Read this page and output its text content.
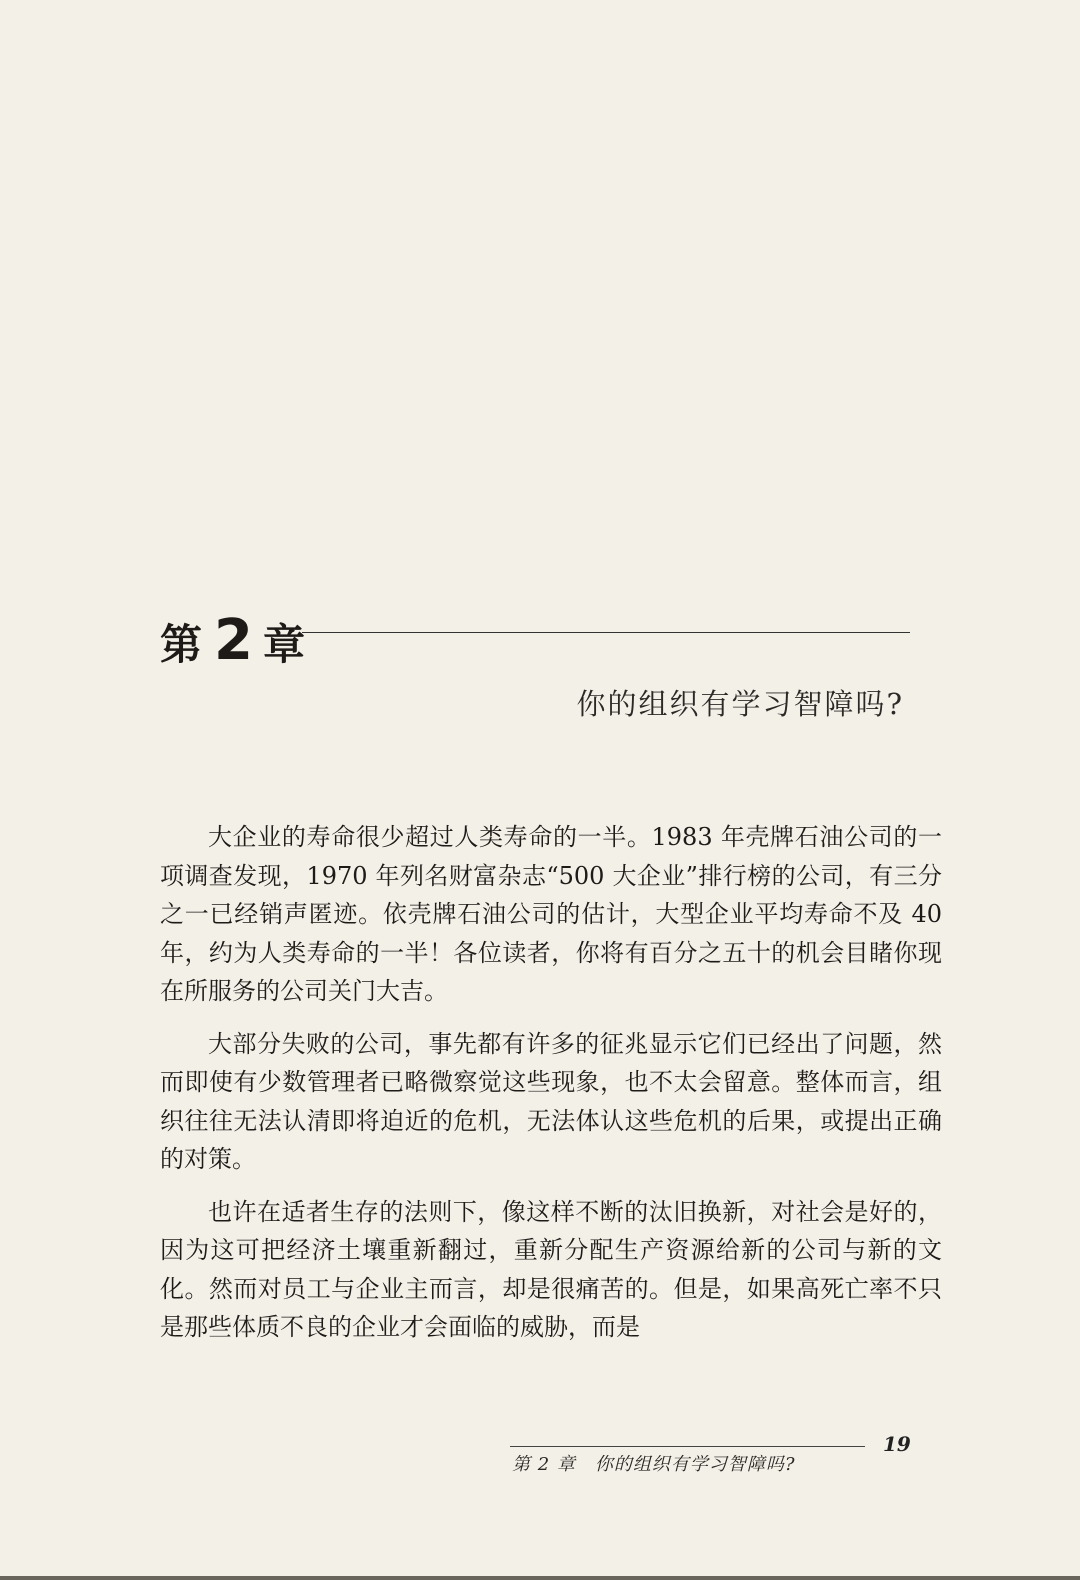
第 2 章
你的组织有学习智障吗?

大企业的寿命很少超过人类寿命的一半。1983 年壳牌石油公司的一项调查发现，1970 年列名财富杂志“500 大企业”排行榜的公司，有三分之一已经销声匿迹。依壳牌石油公司的估计，大型企业平均寿命不及 40 年，约为人类寿命的一半！各位读者，你将有百分之五十的机会目睹你现在所服务的公司关门大吉。

大部分失败的公司，事先都有许多的征兆显示它们已经出了问题，然而即使有少数管理者已略微察觉这些现象，也不太会留意。整体而言，组织往往无法认清即将迫近的危机，无法体认这些危机的后果，或提出正确的对策。

也许在适者生存的法则下，像这样不断的汰旧换新，对社会是好的，因为这可把经济土壤重新翻过，重新分配生产资源给新的公司与新的文化。然而对员工与企业主而言，却是很痛苦的。但是，如果高死亡率不只是那些体质不良的企业才会面临的威胁，而是

第 2 章　你的组织有学习智障吗?
19
